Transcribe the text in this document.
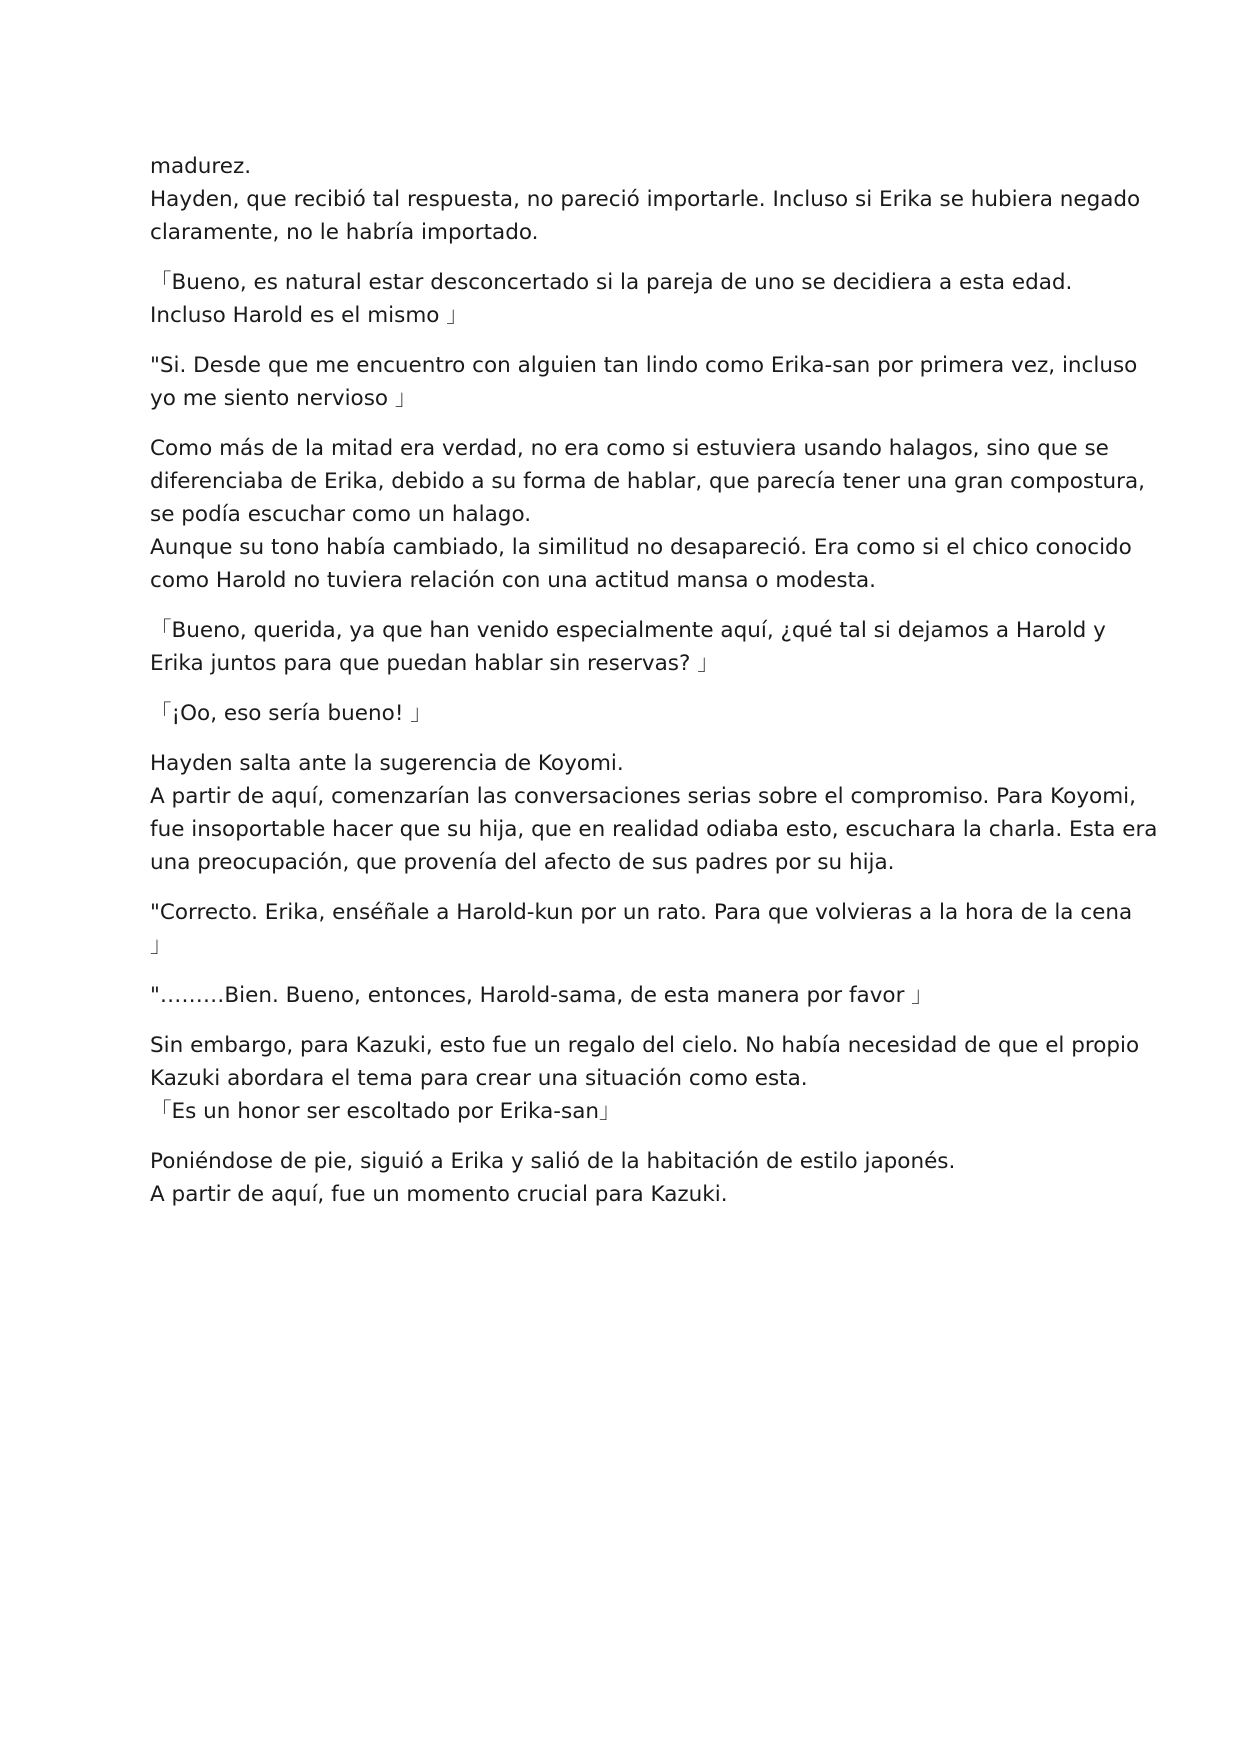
madurez.
Hayden, que recibió tal respuesta, no pareció importarle. Incluso si Erika se hubiera negado
claramente, no le habría importado.
「Bueno, es natural estar desconcertado si la pareja de uno se decidiera a esta edad.
Incluso Harold es el mismo 」
"Si. Desde que me encuentro con alguien tan lindo como Erika-san por primera vez, incluso
yo me siento nervioso 」
Como más de la mitad era verdad, no era como si estuviera usando halagos, sino que se
diferenciaba de Erika, debido a su forma de hablar, que parecía tener una gran compostura,
se podía escuchar como un halago.
Aunque su tono había cambiado, la similitud no desapareció. Era como si el chico conocido
como Harold no tuviera relación con una actitud mansa o modesta.
「Bueno, querida, ya que han venido especialmente aquí, ¿qué tal si dejamos a Harold y
Erika juntos para que puedan hablar sin reservas? 」
「¡Oo, eso sería bueno! 」
Hayden salta ante la sugerencia de Koyomi.
A partir de aquí, comenzarían las conversaciones serias sobre el compromiso. Para Koyomi,
fue insoportable hacer que su hija, que en realidad odiaba esto, escuchara la charla. Esta era
una preocupación, que provenía del afecto de sus padres por su hija.
"Correcto. Erika, enséñale a Harold-kun por un rato. Para que volvieras a la hora de la cena
」
"………Bien. Bueno, entonces, Harold-sama, de esta manera por favor 」
Sin embargo, para Kazuki, esto fue un regalo del cielo. No había necesidad de que el propio
Kazuki abordara el tema para crear una situación como esta.
「Es un honor ser escoltado por Erika-san」
Poniéndose de pie, siguió a Erika y salió de la habitación de estilo japonés.
A partir de aquí, fue un momento crucial para Kazuki.
